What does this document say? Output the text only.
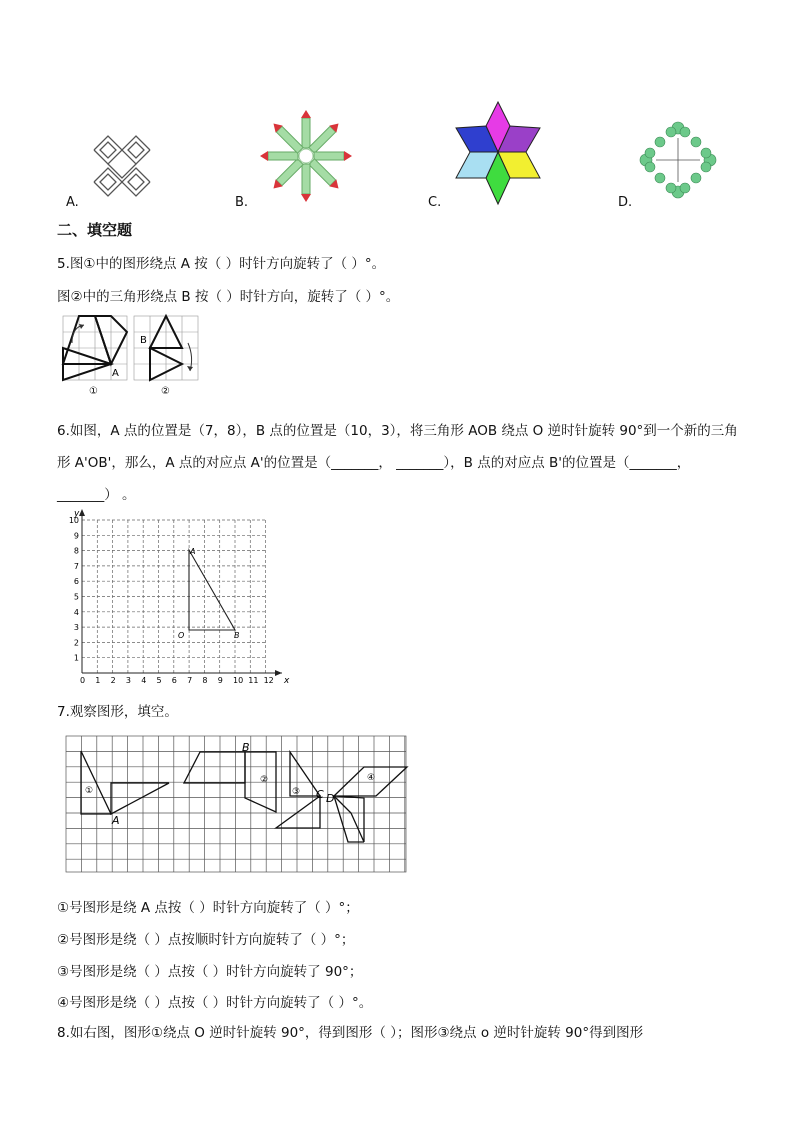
A.	B.	C.	D.
二、填空题
5.图①中的图形绕点 A 按（ ）时针方向旋转了（ ）°。
图②中的三角形绕点 B 按（ ）时针方向，旋转了（ ）°。
A
①
B
②
6.如图，A 点的位置是（7，8），B 点的位置是（10，3），将三角形 AOB 绕点 O 逆时针旋转 90°到一个新的三角
形 A'OB'，那么，A 点的对应点 A'的位置是（_______， _______），B 点的对应点 B'的位置是（_______，
_______） 。
x
y
0 1 2 3 4 5 6 7 8 9 10 11 12
1
2
3
4
5
6
7
8
9
10
A
O	B
7.观察图形，填空。
①
A
②
B
③ C D
④
①号图形是绕 A 点按（ ）时针方向旋转了（ ）°；
②号图形是绕（ ）点按顺时针方向旋转了（ ）°；
③号图形是绕（ ）点按（ ）时针方向旋转了 90°；
④号图形是绕（ ）点按（ ）时针方向旋转了（ ）°。
8.如右图，图形①绕点 O 逆时针旋转 90°，得到图形（ ）；图形③绕点 o 逆时针旋转 90°得到图形
